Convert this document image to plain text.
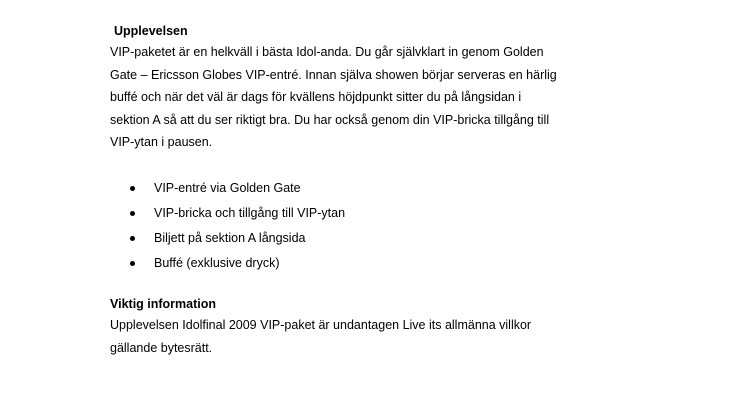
Upplevelsen
VIP-paketet är en helkväll i bästa Idol-anda. Du går självklart in genom Golden
Gate – Ericsson Globes VIP-entré. Innan själva showen börjar serveras en härlig
buffé och när det väl är dags för kvällens höjdpunkt sitter du på långsidan i
sektion A så att du ser riktigt bra. Du har också genom din VIP-bricka tillgång till
VIP-ytan i pausen.
VIP-entré via Golden Gate
VIP-bricka och tillgång till VIP-ytan
Biljett på sektion A långsida
Buffé (exklusive dryck)
Viktig information
Upplevelsen Idolfinal 2009 VIP-paket är undantagen Live its allmänna villkor
gällande bytesrätt.
